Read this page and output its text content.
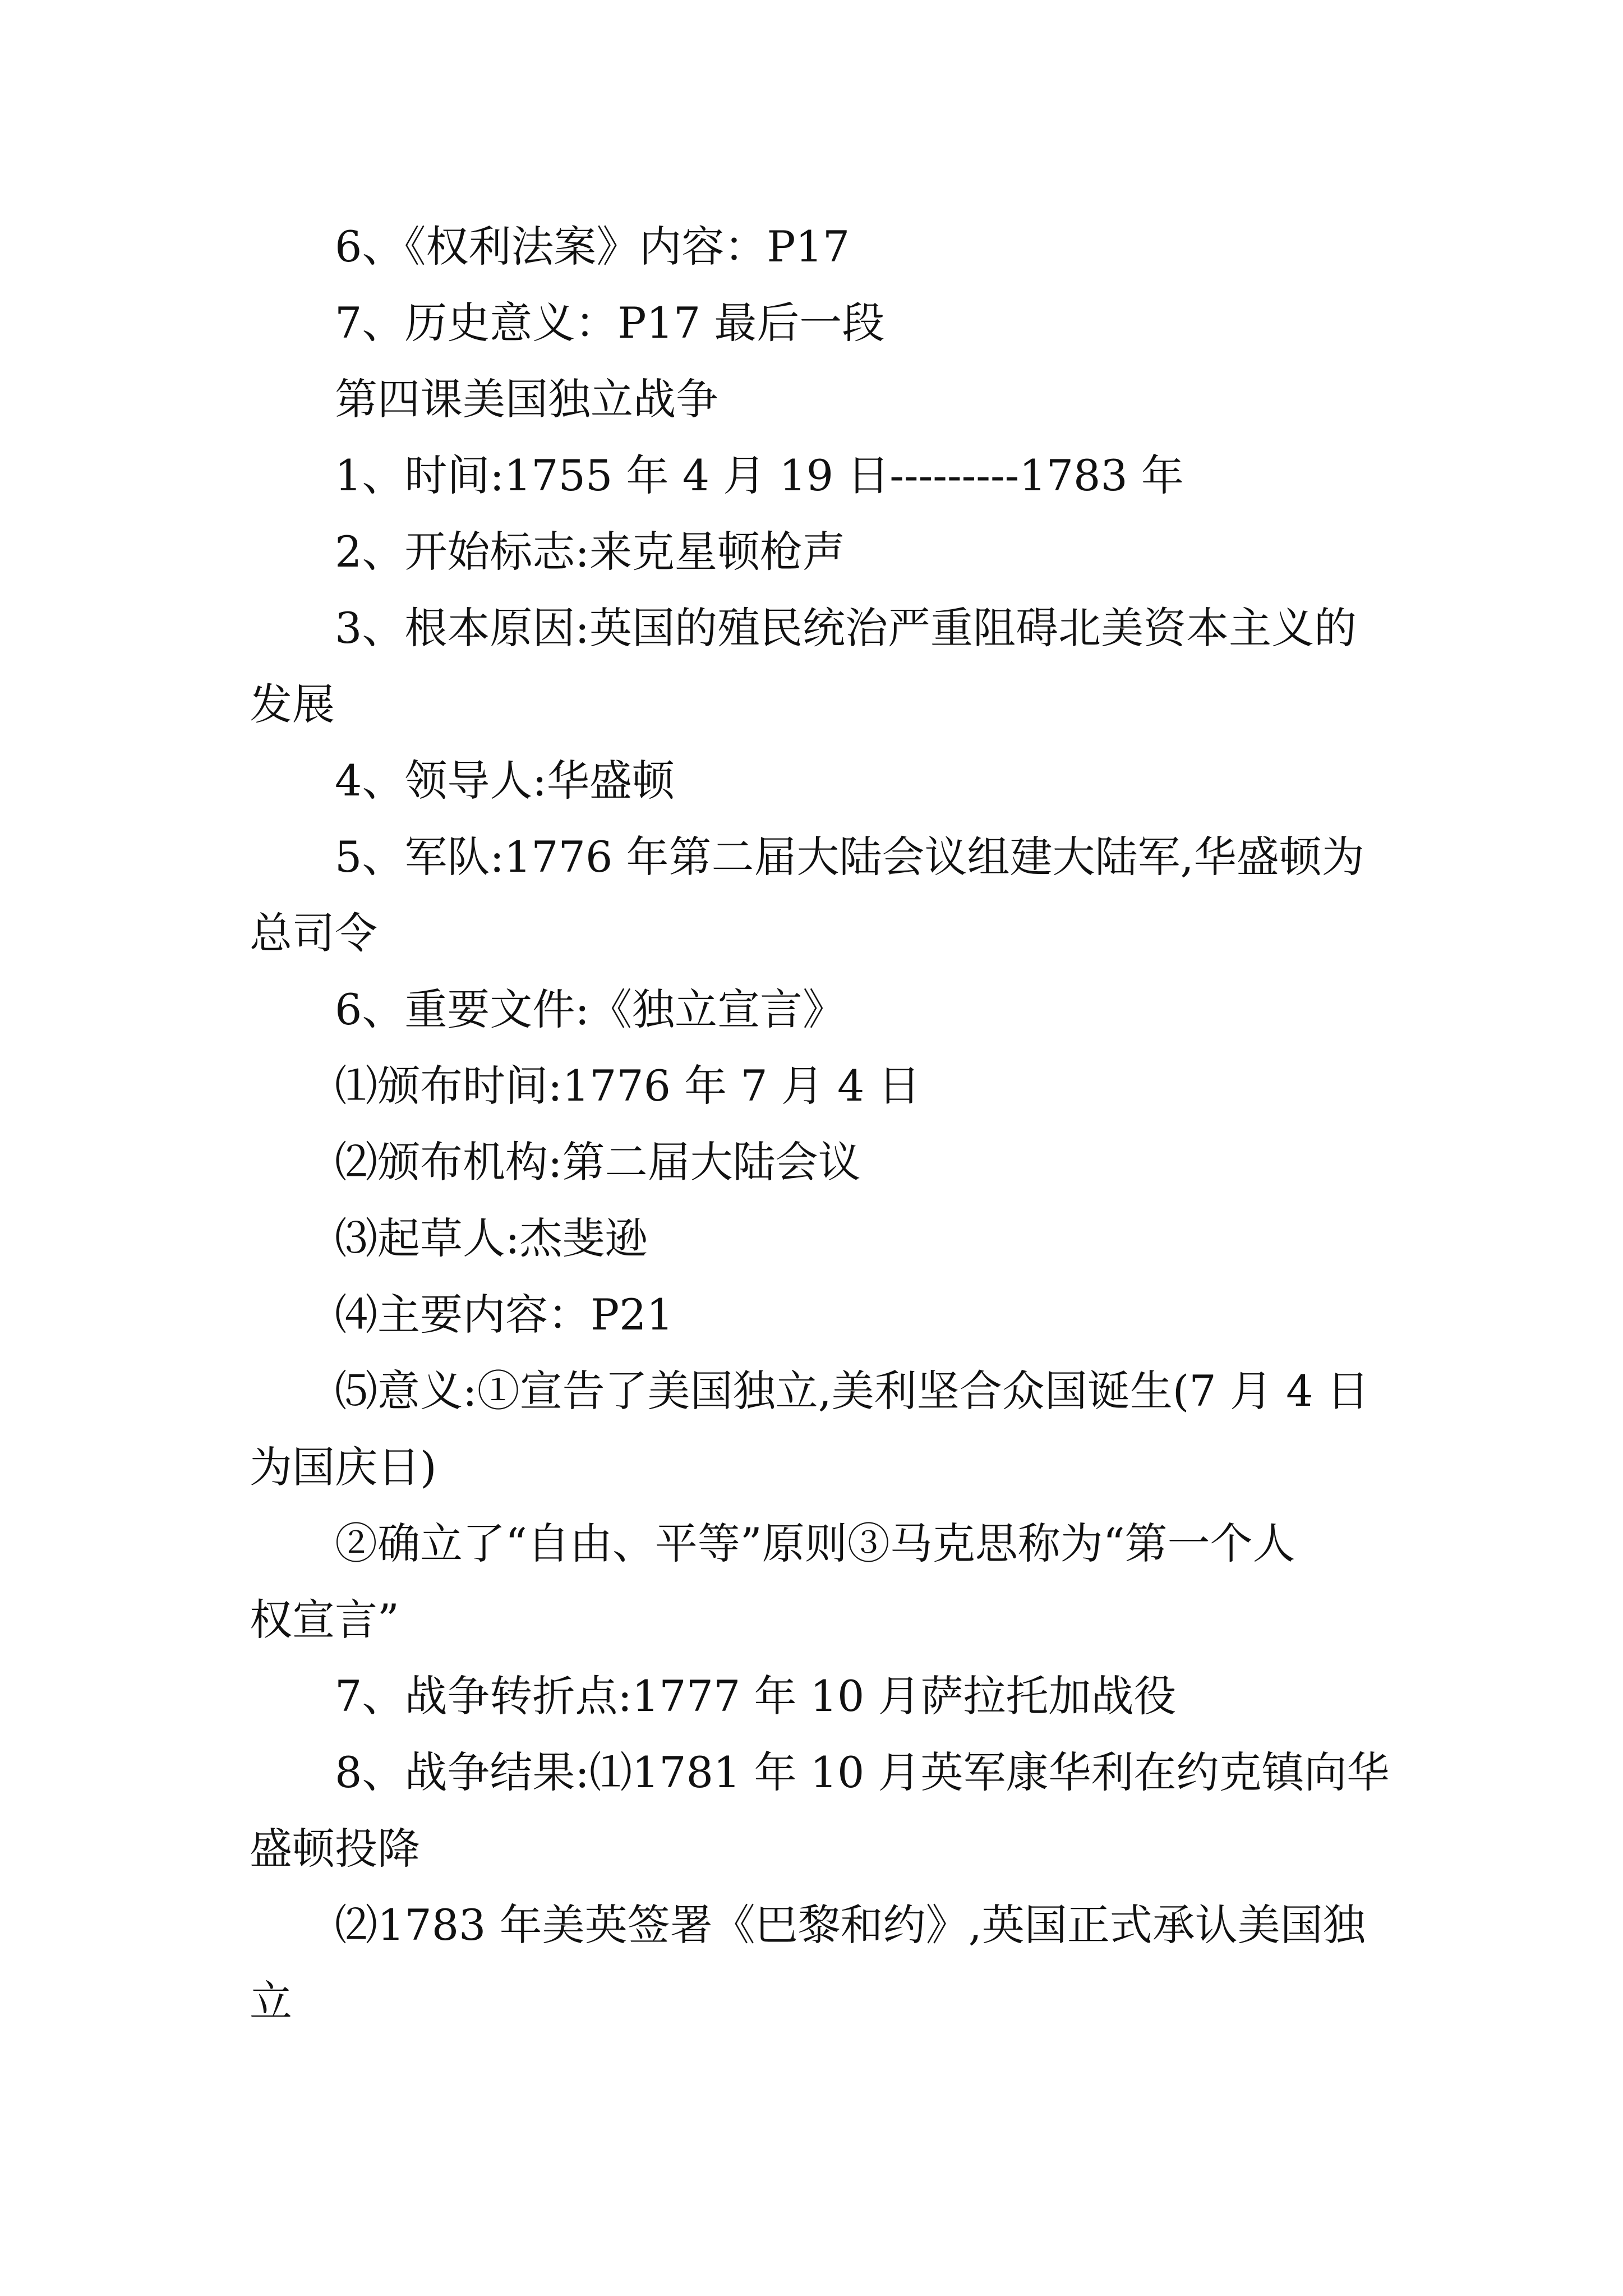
6、《权利法案》内容：P17

7、历史意义：P17 最后一段

第四课美国独立战争

1、时间:1755 年 4 月 19 日---------1783 年

2、开始标志:来克星顿枪声

3、根本原因:英国的殖民统治严重阻碍北美资本主义的

发展

4、领导人:华盛顿

5、军队:1776 年第二届大陆会议组建大陆军,华盛顿为

总司令

6、重要文件:《独立宣言》

⑴颁布时间:1776 年 7 月 4 日

⑵颁布机构:第二届大陆会议

⑶起草人:杰斐逊

⑷主要内容：P21

⑸意义:①宣告了美国独立,美利坚合众国诞生(7 月 4 日

为国庆日)

②确立了“自由、平等”原则③马克思称为“第一个人

权宣言”

7、战争转折点:1777 年 10 月萨拉托加战役

8、战争结果:⑴1781 年 10 月英军康华利在约克镇向华

盛顿投降

⑵1783 年美英签署《巴黎和约》,英国正式承认美国独

立
